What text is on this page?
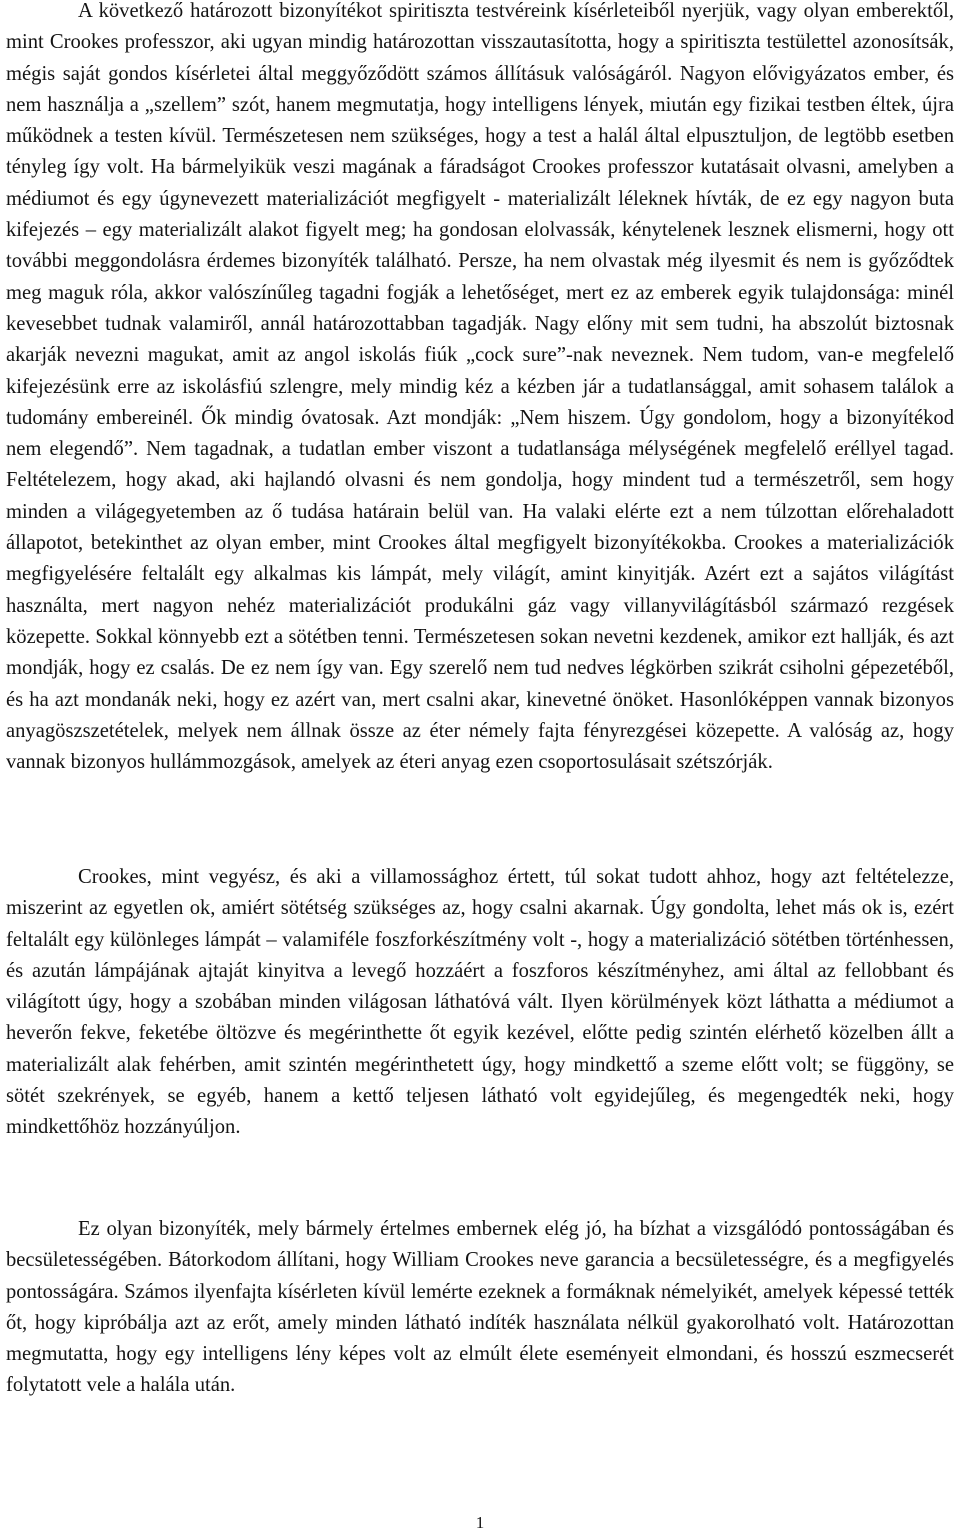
A következő határozott bizonyítékot spiritiszta testvéreink kísérleteiből nyerjük, vagy olyan emberektől, mint Crookes professzor, aki ugyan mindig határozottan visszautasította, hogy a spiritiszta testülettel azonosítsák, mégis saját gondos kísérletei által meggyőződött számos állításuk valóságáról. Nagyon elővigyázatos ember, és nem használja a „szellem” szót, hanem megmutatja, hogy intelligens lények, miután egy fizikai testben éltek, újra működnek a testen kívül. Természetesen nem szükséges, hogy a test a halál által elpusztuljon, de legtöbb esetben tényleg így volt. Ha bármelyikük veszi magának a fáradságot Crookes professzor kutatásait olvasni, amelyben a médiumot és egy úgynevezett materializációt megfigyelt - materializált léleknek hívták, de ez egy nagyon buta kifejezés – egy materializált alakot figyelt meg; ha gondosan elolvassák, kénytelenek lesznek elismerni, hogy ott további meggondolásra érdemes bizonyíték található. Persze, ha nem olvastak még ilyesmit és nem is győződtek meg maguk róla, akkor valószínűleg tagadni fogják a lehetőséget, mert ez az emberek egyik tulajdonsága: minél kevesebbet tudnak valamiről, annál határozottabban tagadják. Nagy előny mit sem tudni, ha abszolút biztosnak akarják nevezni magukat, amit az angol iskolás fiúk „cock sure”-nak neveznek. Nem tudom, van-e megfelelő kifejezésünk erre az iskolásfiú szlengre, mely mindig kéz a kézben jár a tudatlansággal, amit sohasem találok a tudomány embereinél. Ők mindig óvatosak. Azt mondják: „Nem hiszem. Úgy gondolom, hogy a bizonyítékod nem elegendő”. Nem tagadnak, a tudatlan ember viszont a tudatlansága mélységének megfelelő eréllyel tagad. Feltételezem, hogy akad, aki hajlandó olvasni és nem gondolja, hogy mindent tud a természetről, sem hogy minden a világegyetemben az ő tudása határain belül van. Ha valaki elérte ezt a nem túlzottan előrehaladott állapotot, betekinthet az olyan ember, mint Crookes által megfigyelt bizonyítékokba. Crookes a materializációk megfigyelésére feltalált egy alkalmas kis lámpát, mely világít, amint kinyitják. Azért ezt a sajátos világítást használta, mert nagyon nehéz materializációt produkálni gáz vagy villanyvilágításból származó rezgések közepette. Sokkal könnyebb ezt a sötétben tenni. Természetesen sokan nevetni kezdenek, amikor ezt hallják, és azt mondják, hogy ez csalás. De ez nem így van. Egy szerelő nem tud nedves légkörben szikrát csiholni gépezetéből, és ha azt mondanák neki, hogy ez azért van, mert csalni akar, kinevetné önöket. Hasonlóképpen vannak bizonyos anyagöszszetételek, melyek nem állnak össze az éter némely fajta fényrezgései közepette. A valóság az, hogy vannak bizonyos hullámmozgások, amelyek az éteri anyag ezen csoportosulásait szétszórják.

Crookes, mint vegyész, és aki a villamossághoz értett, túl sokat tudott ahhoz, hogy azt feltételezze, miszerint az egyetlen ok, amiért sötétség szükséges az, hogy csalni akarnak. Úgy gondolta, lehet más ok is, ezért feltalált egy különleges lámpát – valamiféle foszforkészítmény volt -, hogy a materializáció sötétben történhessen, és azután lámpájának ajtaját kinyitva a levegő hozzáért a foszforos készítményhez, ami által az fellobbant és világított úgy, hogy a szobában minden világosan láthatóvá vált. Ilyen körülmények közt láthatta a médiumot a heverőn fekve, feketébe öltözve és megérinthette őt egyik kezével, előtte pedig szintén elérhető közelben állt a materializált alak fehérben, amit szintén megérinthetett úgy, hogy mindkettő a szeme előtt volt; se függöny, se sötét szekrények, se egyéb, hanem a kettő teljesen látható volt egyidejűleg, és megengedték neki, hogy mindkettőhöz hozzányúljon.

Ez olyan bizonyíték, mely bármely értelmes embernek elég jó, ha bízhat a vizsgálódó pontosságában és becsületességében. Bátorkodom állítani, hogy William Crookes neve garancia a becsületességre, és a megfigyelés pontosságára. Számos ilyenfajta kísérleten kívül lemérte ezeknek a formáknak némelyikét, amelyek képessé tették őt, hogy kipróbálja azt az erőt, amely minden látható indíték használata nélkül gyakorolható volt. Határozottan megmutatta, hogy egy intelligens lény képes volt az elmúlt élete eseményeit elmondani, és hosszú eszmecserét folytatott vele a halála után.

1
